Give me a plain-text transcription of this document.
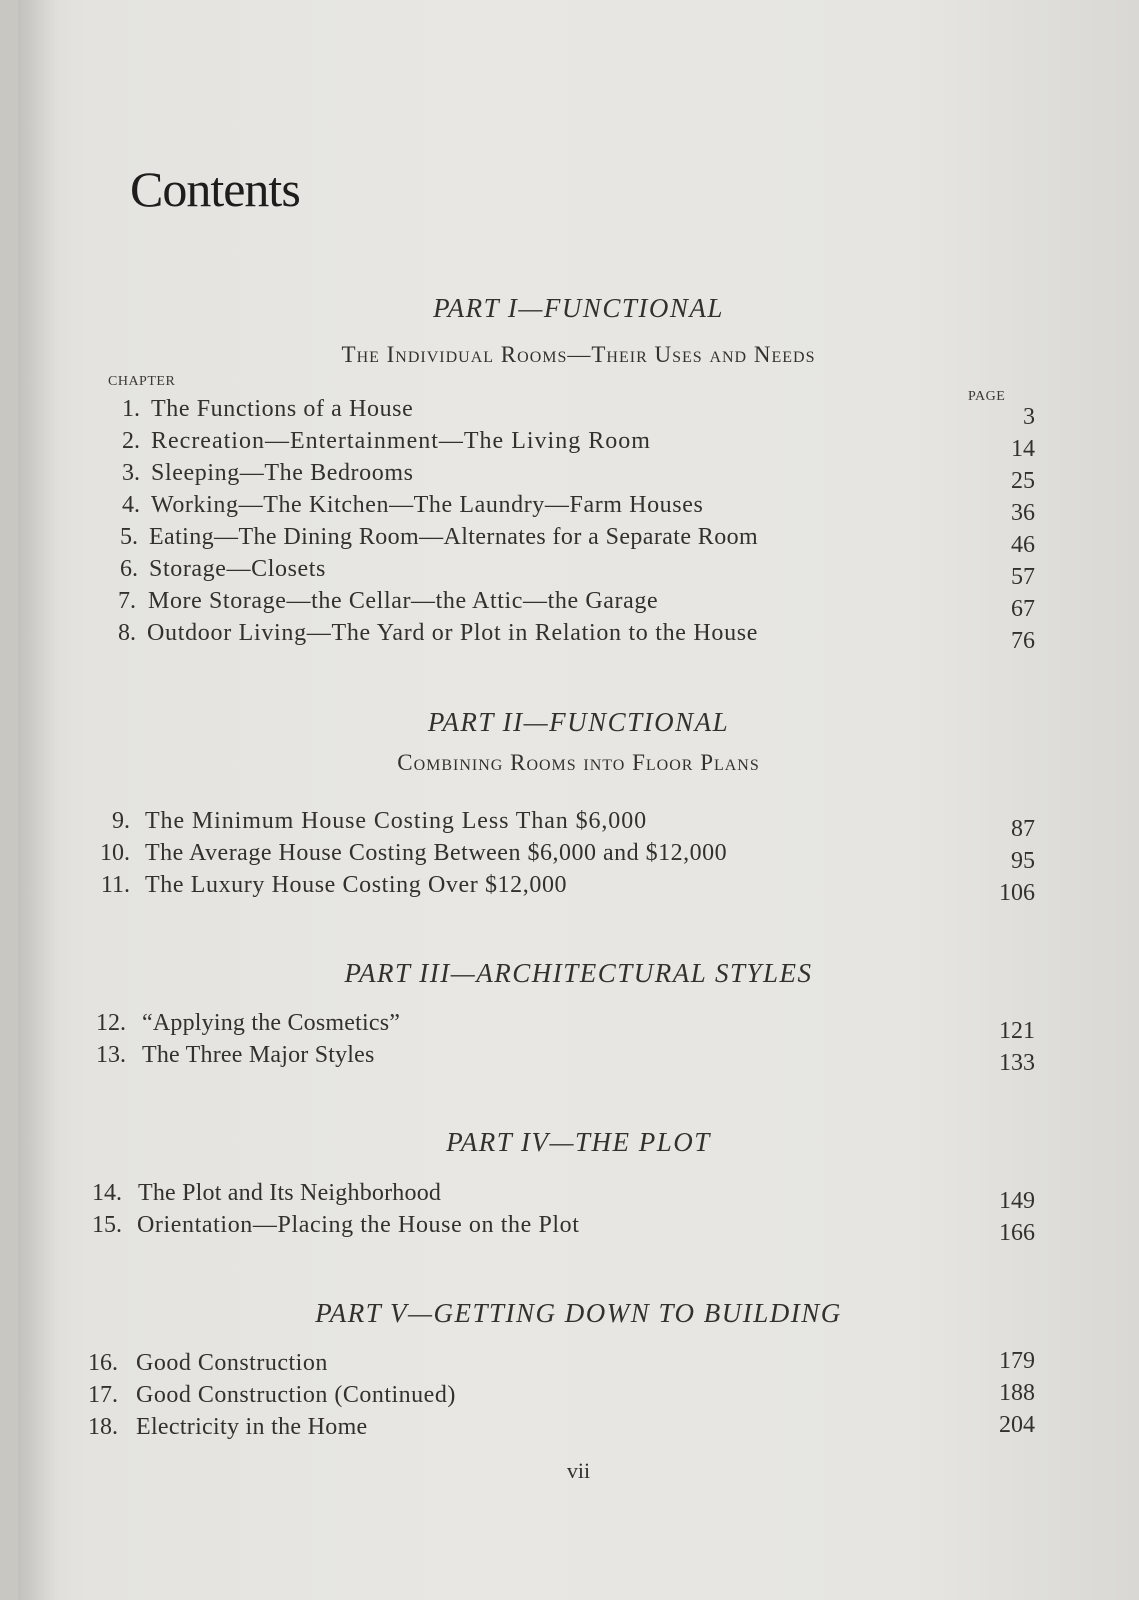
Contents
PART I—FUNCTIONAL
The Individual Rooms—Their Uses and Needs
CHAPTER
PAGE
1. The Functions of a House	3
2. Recreation—Entertainment—The Living Room	14
3. Sleeping—The Bedrooms	25
4. Working—The Kitchen—The Laundry—Farm Houses	36
5. Eating—The Dining Room—Alternates for a Separate Room	46
6. Storage—Closets	57
7. More Storage—the Cellar—the Attic—the Garage	67
8. Outdoor Living—The Yard or Plot in Relation to the House	76
PART II—FUNCTIONAL
Combining Rooms into Floor Plans
9. The Minimum House Costing Less Than $6,000	87
10. The Average House Costing Between $6,000 and $12,000	95
11. The Luxury House Costing Over $12,000	106
PART III—ARCHITECTURAL STYLES
12. “Applying the Cosmetics”	121
13. The Three Major Styles	133
PART IV—THE PLOT
14. The Plot and Its Neighborhood	149
15. Orientation—Placing the House on the Plot	166
PART V—GETTING DOWN TO BUILDING
16. Good Construction	179
17. Good Construction (Continued)	188
18. Electricity in the Home	204
vii
